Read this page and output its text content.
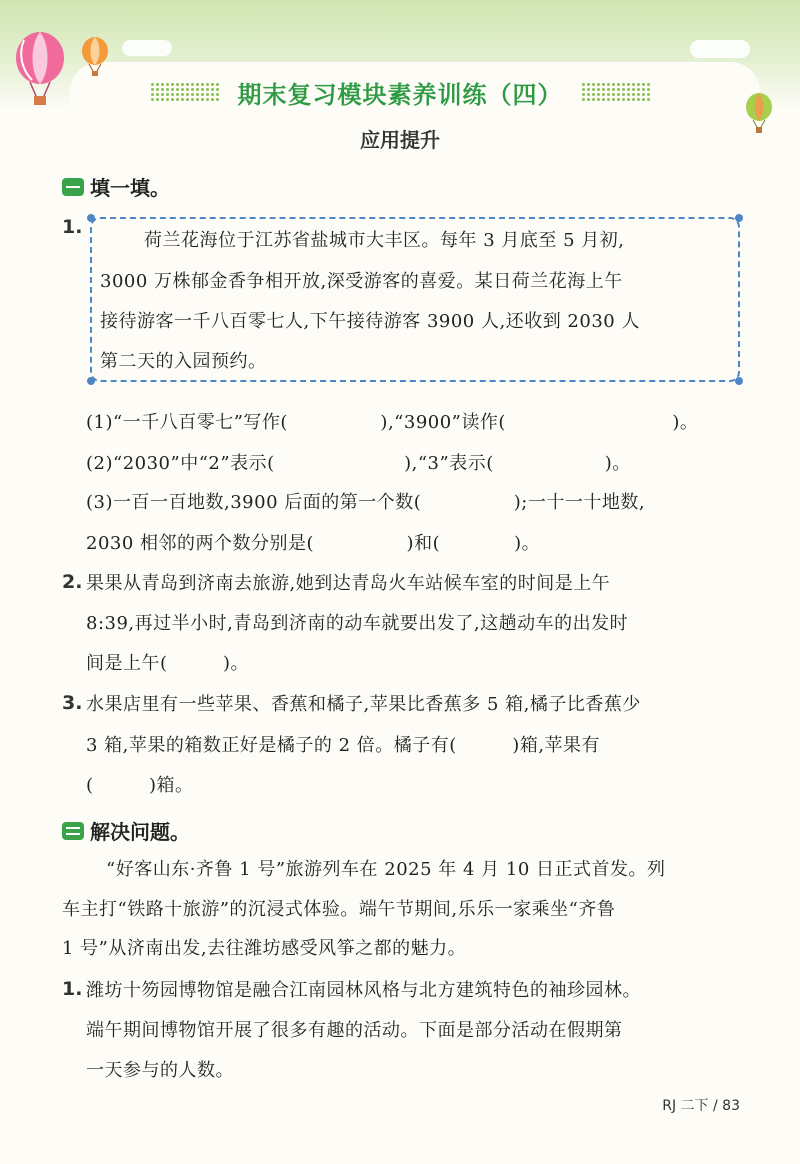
期末复习模块素养训练（四）
应用提升
填一填。
1.
荷兰花海位于江苏省盐城市大丰区。每年 3 月底至 5 月初,
3000 万株郁金香争相开放,深受游客的喜爱。某日荷兰花海上午
接待游客一千八百零七人,下午接待游客 3900 人,还收到 2030 人
第二天的入园预约。
(1)“一千八百零七”写作(　　　　　),“3900”读作(　　　　　　　　　)。
(2)“2030”中“2”表示(　　　　　　　),“3”表示(　　　　　　)。
(3)一百一百地数,3900 后面的第一个数(　　　　　);一十一十地数,
2030 相邻的两个数分别是(　　　　　)和(　　　　)。
2. 果果从青岛到济南去旅游,她到达青岛火车站候车室的时间是上午
8:39,再过半小时,青岛到济南的动车就要出发了,这趟动车的出发时
间是上午(　　　)。
3. 水果店里有一些苹果、香蕉和橘子,苹果比香蕉多 5 箱,橘子比香蕉少
3 箱,苹果的箱数正好是橘子的 2 倍。橘子有(　　　)箱,苹果有
(　　　)箱。
解决问题。
“好客山东·齐鲁 1 号”旅游列车在 2025 年 4 月 10 日正式首发。列
车主打“铁路十旅游”的沉浸式体验。端午节期间,乐乐一家乘坐“齐鲁
1 号”从济南出发,去往潍坊感受风筝之都的魅力。
1. 潍坊十笏园博物馆是融合江南园林风格与北方建筑特色的袖珍园林。
端午期间博物馆开展了很多有趣的活动。下面是部分活动在假期第
一天参与的人数。
RJ 二下 / 83
